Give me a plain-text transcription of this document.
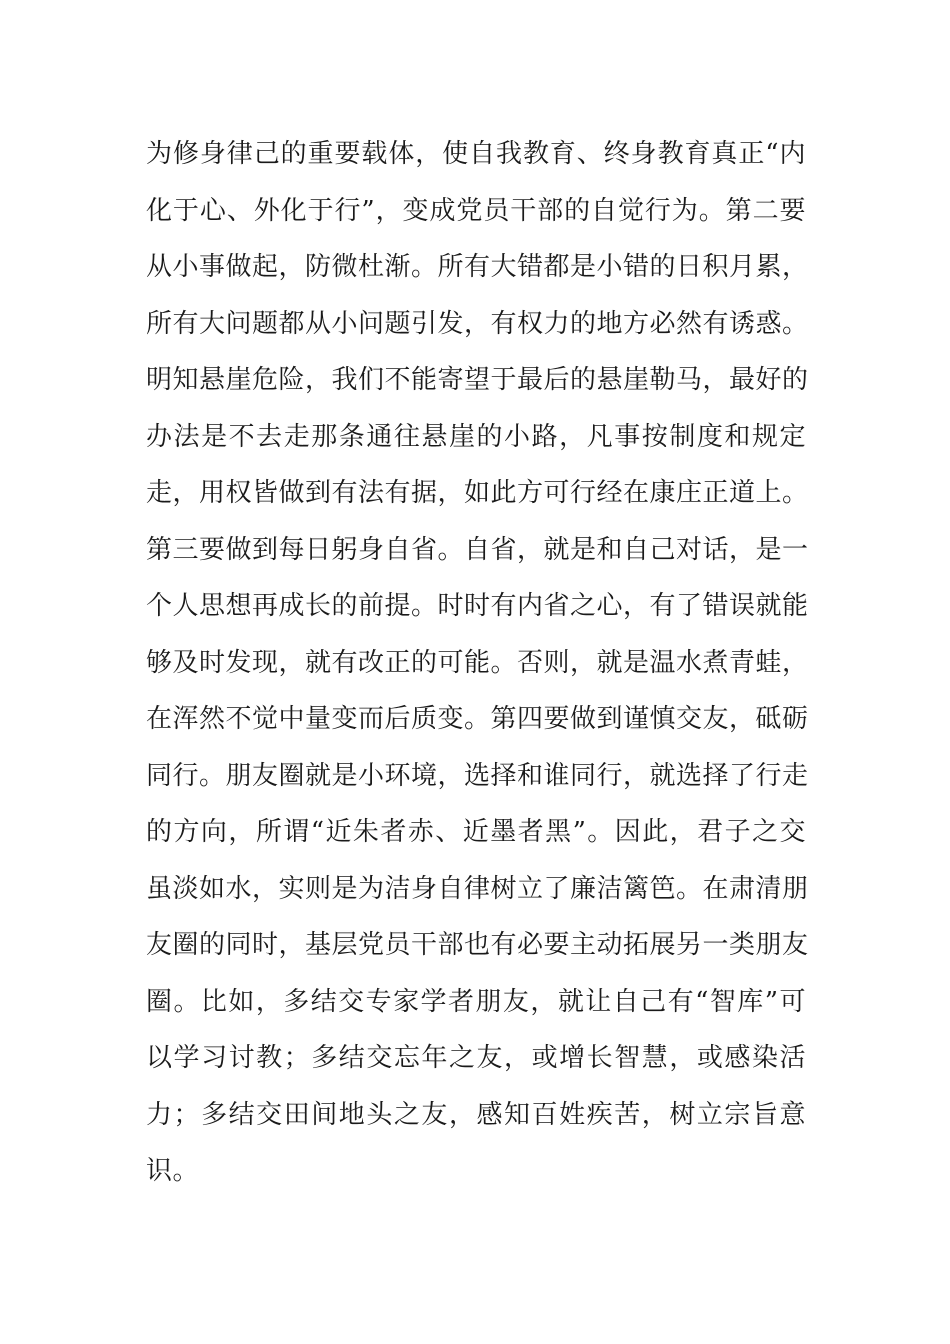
为修身律己的重要载体，使自我教育、终身教育真正“内
化于心、外化于行”，变成党员干部的自觉行为。第二要
从小事做起，防微杜渐。所有大错都是小错的日积月累，
所有大问题都从小问题引发，有权力的地方必然有诱惑。
明知悬崖危险，我们不能寄望于最后的悬崖勒马，最好的
办法是不去走那条通往悬崖的小路，凡事按制度和规定
走，用权皆做到有法有据，如此方可行经在康庄正道上。
第三要做到每日躬身自省。自省，就是和自己对话，是一
个人思想再成长的前提。时时有内省之心，有了错误就能
够及时发现，就有改正的可能。否则，就是温水煮青蛙，
在浑然不觉中量变而后质变。第四要做到谨慎交友，砥砺
同行。朋友圈就是小环境，选择和谁同行，就选择了行走
的方向，所谓“近朱者赤、近墨者黑”。因此，君子之交
虽淡如水，实则是为洁身自律树立了廉洁篱笆。在肃清朋
友圈的同时，基层党员干部也有必要主动拓展另一类朋友
圈。比如，多结交专家学者朋友，就让自己有“智库”可
以学习讨教；多结交忘年之友，或增长智慧，或感染活
力；多结交田间地头之友，感知百姓疾苦，树立宗旨意
识。
